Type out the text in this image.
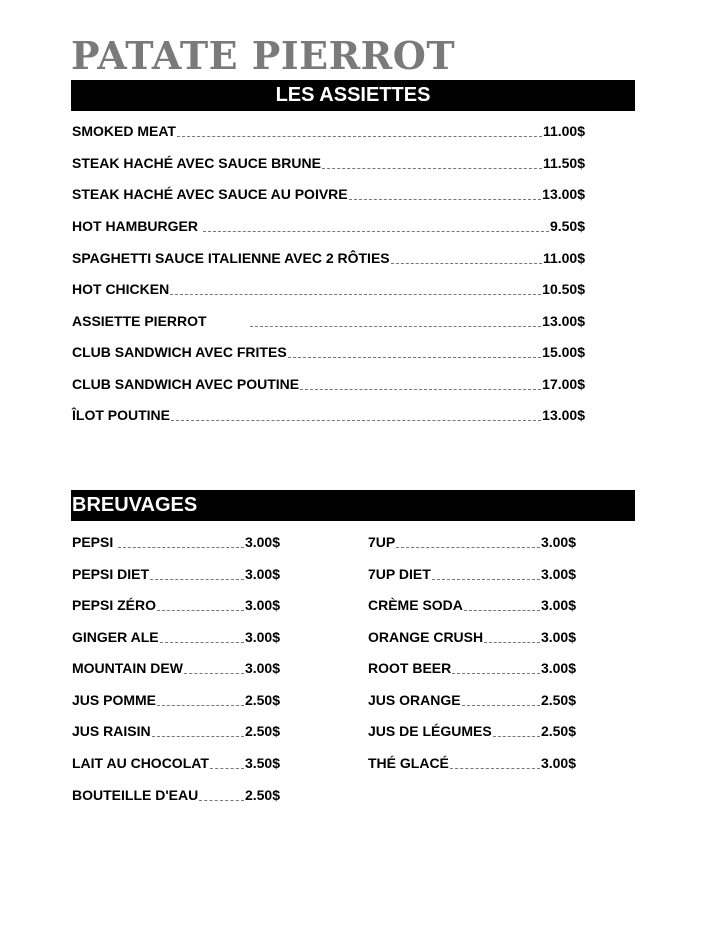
PATATE PIERROT
LES ASSIETTES
SMOKED MEAT	11.00$
STEAK HACHÉ AVEC SAUCE BRUNE	11.50$
STEAK HACHÉ AVEC SAUCE AU POIVRE	13.00$
HOT HAMBURGER	9.50$
SPAGHETTI SAUCE ITALIENNE AVEC 2 RÔTIES	11.00$
HOT CHICKEN	10.50$
ASSIETTE PIERROT	13.00$
CLUB SANDWICH AVEC FRITES	15.00$
CLUB SANDWICH AVEC POUTINE	17.00$
ÎLOT POUTINE	13.00$
BREUVAGES
PEPSI	3.00$
PEPSI DIET	3.00$
PEPSI ZÉRO	3.00$
GINGER ALE	3.00$
MOUNTAIN DEW	3.00$
JUS POMME	2.50$
JUS RAISIN	2.50$
LAIT AU CHOCOLAT	3.50$
BOUTEILLE D'EAU	2.50$
7UP	3.00$
7UP DIET	3.00$
CRÈME SODA	3.00$
ORANGE CRUSH	3.00$
ROOT BEER	3.00$
JUS ORANGE	2.50$
JUS DE LÉGUMES	2.50$
THÉ GLACÉ	3.00$
